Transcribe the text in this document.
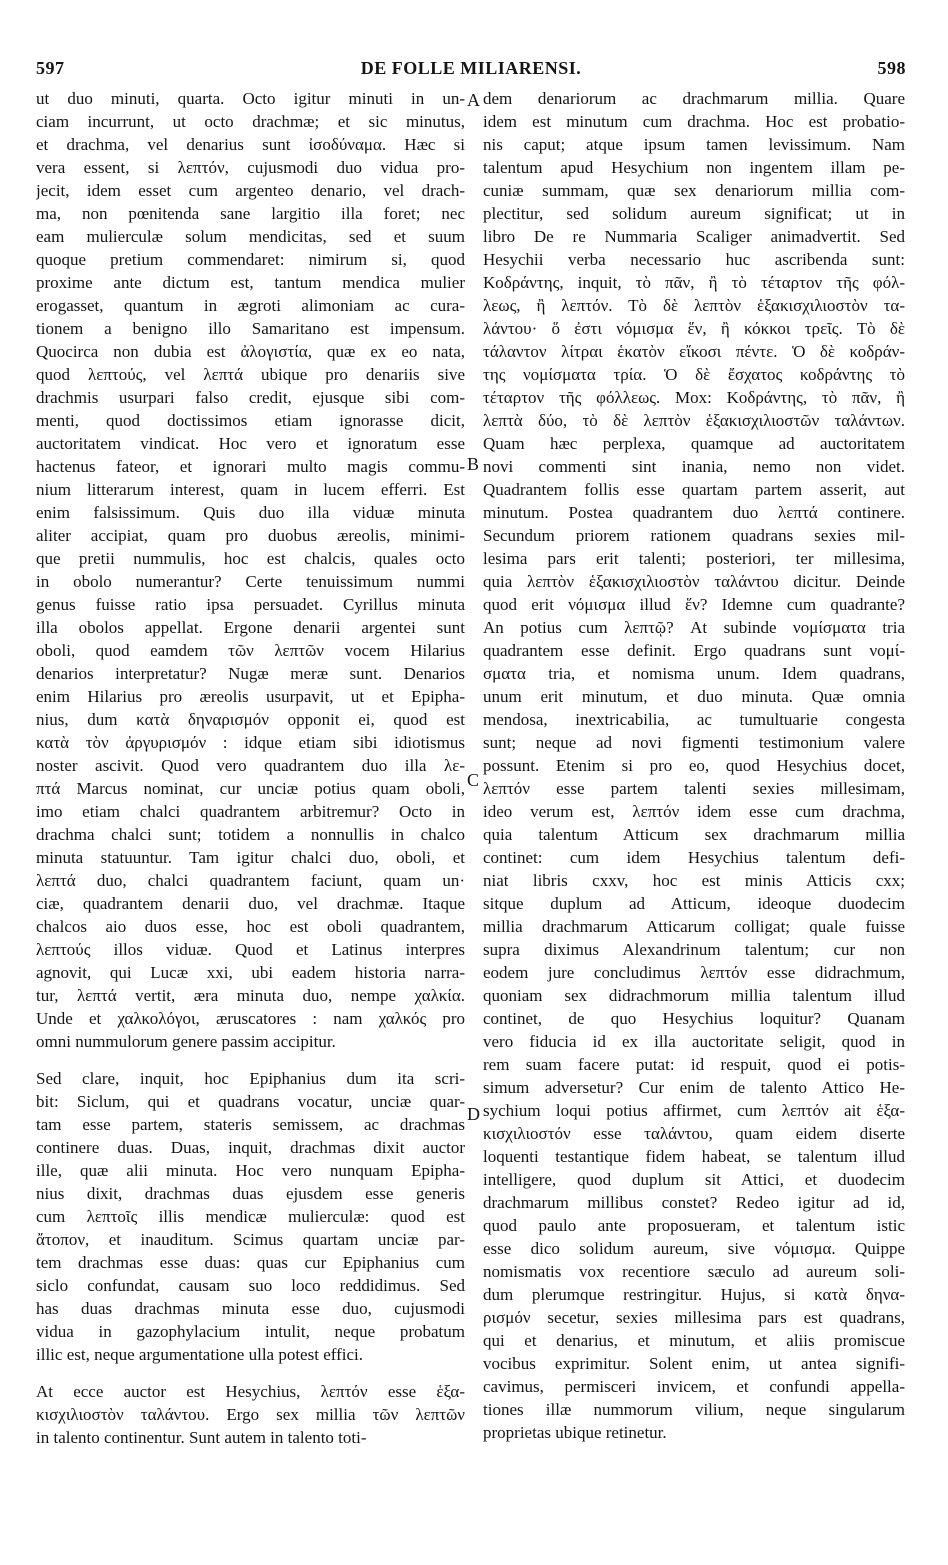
597	DE FOLLE MILIARENSI.	598

ut duo minuti, quarta. Octo igitur minuti in un-
ciam incurrunt, ut octo drachmæ; et sic minutus,
et drachma, vel denarius sunt ἰσοδύναμα. Hæc si
vera essent, si λεπτόν, cujusmodi duo vidua pro-
jecit, idem esset cum argenteo denario, vel drach-
ma, non pœnitenda sane largitio illa foret; nec
eam mulierculæ solum mendicitas, sed et suum
quoque pretium commendaret: nimirum si, quod
proxime ante dictum est, tantum mendica mulier
erogasset, quantum in ægroti alimoniam ac cura-
tionem a benigno illo Samaritano est impensum.
Quocirca non dubia est ἀλογιστία, quæ ex eo nata,
quod λεπτούς, vel λεπτά ubique pro denariis sive
drachmis usurpari falso credit, ejusque sibi com-
menti, quod doctissimos etiam ignorasse dicit,
auctoritatem vindicat. Hoc vero et ignoratum esse
hactenus fateor, et ignorari multo magis commu-
nium litterarum interest, quam in lucem efferri. Est
enim falsissimum. Quis duo illa viduæ minuta
aliter accipiat, quam pro duobus æreolis, minimi-
que pretii nummulis, hoc est chalcis, quales octo
in obolo numerantur? Certe tenuissimum nummi
genus fuisse ratio ipsa persuadet. Cyrillus minuta
illa obolos appellat. Ergone denarii argentei sunt
oboli, quod eamdem τῶν λεπτῶν vocem Hilarius
denarios interpretatur? Nugæ meræ sunt. Denarios
enim Hilarius pro æreolis usurpavit, ut et Epipha-
nius, dum κατὰ δηναρισμόν opponit ei, quod est
κατὰ τὸν ἀργυρισμόν : idque etiam sibi idiotismus
noster ascivit. Quod vero quadrantem duo illa λε-
πτά Marcus nominat, cur unciæ potius quam oboli,
imo etiam chalci quadrantem arbitremur? Octo in
drachma chalci sunt; totidem a nonnullis in chalco
minuta statuuntur. Tam igitur chalci duo, oboli, et
λεπτά duo, chalci quadrantem faciunt, quam un·
ciæ, quadrantem denarii duo, vel drachmæ. Itaque
chalcos aio duos esse, hoc est oboli quadrantem,
λεπτούς illos viduæ. Quod et Latinus interpres
agnovit, qui Lucæ xxi, ubi eadem historia narra-
tur, λεπτά vertit, æra minuta duo, nempe χαλκία.
Unde et χαλκολόγοι, æruscatores : nam χαλκός pro
omni nummulorum genere passim accipitur.

Sed clare, inquit, hoc Epiphanius dum ita scri-
bit: Siclum, qui et quadrans vocatur, unciæ quar-
tam esse partem, stateris semissem, ac drachmas
continere duas. Duas, inquit, drachmas dixit auctor
ille, quæ alii minuta. Hoc vero nunquam Epipha-
nius dixit, drachmas duas ejusdem esse generis
cum λεπτοῖς illis mendicæ mulierculæ: quod est
ἄτοπον, et inauditum. Scimus quartam unciæ par-
tem drachmas esse duas: quas cur Epiphanius cum
siclo confundat, causam suo loco reddidimus. Sed
has duas drachmas minuta esse duo, cujusmodi
vidua in gazophylacium intulit, neque probatum
illic est, neque argumentatione ulla potest effici.

At ecce auctor est Hesychius, λεπτόν esse ἑξα-
κισχιλιοστὸν ταλάντου. Ergo sex millia τῶν λεπτῶν
in talento continentur. Sunt autem in talento toti-

dem denariorum ac drachmarum millia. Quare
idem est minutum cum drachma. Hoc est probatio-
nis caput; atque ipsum tamen levissimum. Nam
talentum apud Hesychium non ingentem illam pe-
cuniæ summam, quæ sex denariorum millia com-
plectitur, sed solidum aureum significat; ut in
libro De re Nummaria Scaliger animadvertit. Sed
Hesychii verba necessario huc ascribenda sunt:
Κοδράντης, inquit, τὸ πᾶν, ἢ τὸ τέταρτον τῆς φόλ-
λεως, ἢ λεπτόν. Τὸ δὲ λεπτὸν ἑξακισχιλιοστὸν τα-
λάντου· ὅ ἐστι νόμισμα ἕν, ἢ κόκκοι τρεῖς. Τὸ δὲ
τάλαντον λίτραι ἑκατὸν εἴκοσι πέντε. Ὁ δὲ κοδράν-
της νομίσματα τρία. Ὁ δὲ ἔσχατος κοδράντης τὸ
τέταρτον τῆς φόλλεως. Mox: Κοδράντης, τὸ πᾶν, ἢ
λεπτὰ δύο, τὸ δὲ λεπτὸν ἑξακισχιλιοστῶν ταλάντων.
Quam hæc perplexa, quamque ad auctoritatem
novi commenti sint inania, nemo non videt.
Quadrantem follis esse quartam partem asserit, aut
minutum. Postea quadrantem duo λεπτά continere.
Secundum priorem rationem quadrans sexies mil-
lesima pars erit talenti; posteriori, ter millesima,
quia λεπτὸν ἑξακισχιλιοστὸν ταλάντου dicitur. Deinde
quod erit νόμισμα illud ἕν? Idemne cum quadrante?
An potius cum λεπτῷ? At subinde νομίσματα tria
quadrantem esse definit. Ergo quadrans sunt νομί-
σματα tria, et nomisma unum. Idem quadrans,
unum erit minutum, et duo minuta. Quæ omnia
mendosa, inextricabilia, ac tumultuarie congesta
sunt; neque ad novi figmenti testimonium valere
possunt. Etenim si pro eo, quod Hesychius docet,
λεπτόν esse partem talenti sexies millesimam,
ideo verum est, λεπτόν idem esse cum drachma,
quia talentum Atticum sex drachmarum millia
continet: cum idem Hesychius talentum defi-
niat libris cxxv, hoc est minis Atticis cxx;
sitque duplum ad Atticum, ideoque duodecim
millia drachmarum Atticarum colligat; quale fuisse
supra diximus Alexandrinum talentum; cur non
eodem jure concludimus λεπτόν esse didrachmum,
quoniam sex didrachmorum millia talentum illud
continet, de quo Hesychius loquitur? Quanam
vero fiducia id ex illa auctoritate seligit, quod in
rem suam facere putat: id respuit, quod ei potis-
simum adversetur? Cur enim de talento Attico He-
sychium loqui potius affirmet, cum λεπτόν ait ἑξα-
κισχιλιοστόν esse ταλάντου, quam eidem diserte
loquenti testantique fidem habeat, se talentum illud
intelligere, quod duplum sit Attici, et duodecim
drachmarum millibus constet? Redeo igitur ad id,
quod paulo ante proposueram, et talentum istic
esse dico solidum aureum, sive νόμισμα. Quippe
nomismatis vox recentiore sæculo ad aureum soli-
dum plerumque restringitur. Hujus, si κατὰ δηνα-
ρισμόν secetur, sexies millesima pars est quadrans,
qui et denarius, et minutum, et aliis promiscue
vocibus exprimitur. Solent enim, ut antea signifi-
cavimus, permisceri invicem, et confundi appella-
tiones illæ nummorum vilium, neque singularum
proprietas ubique retinetur.

A
B
C
D
